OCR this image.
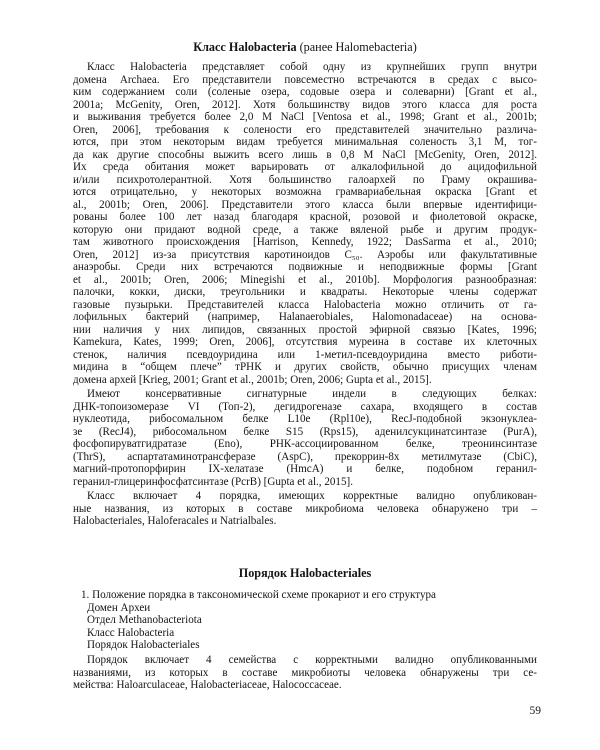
Класс Halobacteria (ранее Halomebacteria)

Класс Halobacteria представляет собой одну из крупнейших групп внутри

домена Archaea. Его представители повсеместно встречаются в средах с высо-

ким содержанием соли (соленые озера, содовые озера и солеварни) [Grant et al.,

2001a; McGenity, Oren, 2012]. Хотя большинству видов этого класса для роста

и выживания требуется более 2,0 M NaCl [Ventosa et al., 1998; Grant et al., 2001b;

Oren, 2006], требования к солености его представителей значительно различа-

ются, при этом некоторым видам требуется минимальная соленость 3,1 M, тог-

да как другие способны выжить всего лишь в 0,8 M NaCl [McGenity, Oren, 2012].

Их среда обитания может варьировать от алкалофильной до ацидофильной

и/или психротолерантной. Хотя большинство галоархей по Граму окрашива-

ются отрицательно, у некоторых возможна грамвариабельная окраска [Grant et

al., 2001b; Oren, 2006]. Представители этого класса были впервые идентифици-

рованы более 100 лет назад благодаря красной, розовой и фиолетовой окраске,

которую они придают водной среде, а также вяленой рыбе и другим продук-

там животного происхождения [Harrison, Kennedy, 1922; DasSarma et al., 2010;

Oren, 2012] из-за присутствия каротиноидов C₅₀. Аэробы или факультативные

анаэробы. Среди них встречаются подвижные и неподвижные формы [Grant

et al., 2001b; Oren, 2006; Minegishi et al., 2010b]. Морфология разнообразная:

палочки, кокки, диски, треугольники и квадраты. Некоторые члены содержат

газовые пузырьки. Представителей класса Halobacteria можно отличить от га-

лофильных бактерий (например, Halanaerobiales, Halomonadaceae) на основа-

нии наличия у них липидов, связанных простой эфирной связью [Kates, 1996;

Kamekura, Kates, 1999; Oren, 2006], отсутствия муреина в составе их клеточных

стенок, наличия псевдоуридина или 1-метил-псевдоуридина вместо риботи-

мидина в “общем плече” тРНК и других свойств, обычно присущих членам

домена архей [Krieg, 2001; Grant et al., 2001b; Oren, 2006; Gupta et al., 2015].

Имеют консервативные сигнатурные индели в следующих белках:

ДНК-топоизомеразе VI (Топ-2), дегидрогеназе сахара, входящего в состав

нуклеотида, рибосомальном белке L10e (Rpl10e), RecJ-подобной экзонуклеа-

зе (RecJ4), рибосомальном белке S15 (Rps15), аденилсукцинатсинтазе (PurA),

фосфопируватгидратазе (Eno), РНК-ассоциированном белке, треонинсинтазе

(ThrS), аспартатаминотрансферазе (AspC), прекоррин-8х метилмутазе (CbiC),

магний-протопорфирин IX-хелатазе (HmcA) и белке, подобном геранил-

геранил-глицеринфосфатсинтазе (PcrB) [Gupta et al., 2015].

Класс включает 4 порядка, имеющих корректные валидно опубликован-

ные названия, из которых в составе микробиома человека обнаружено три –

Halobacteriales, Haloferacales и Natrialbales.

Порядок Halobacteriales

1. Положение порядка в таксономической схеме прокариот и его структура

Домен Археи

Отдел Methanobacteriota

Класс Halobacteria

Порядок Halobacteriales

Порядок включает 4 семейства с корректными валидно опубликованными

названиями, из которых в составе микробиоты человека обнаружены три се-

мейства: Haloarculaceae, Halobacteriaceae, Halococcaceae.

59
